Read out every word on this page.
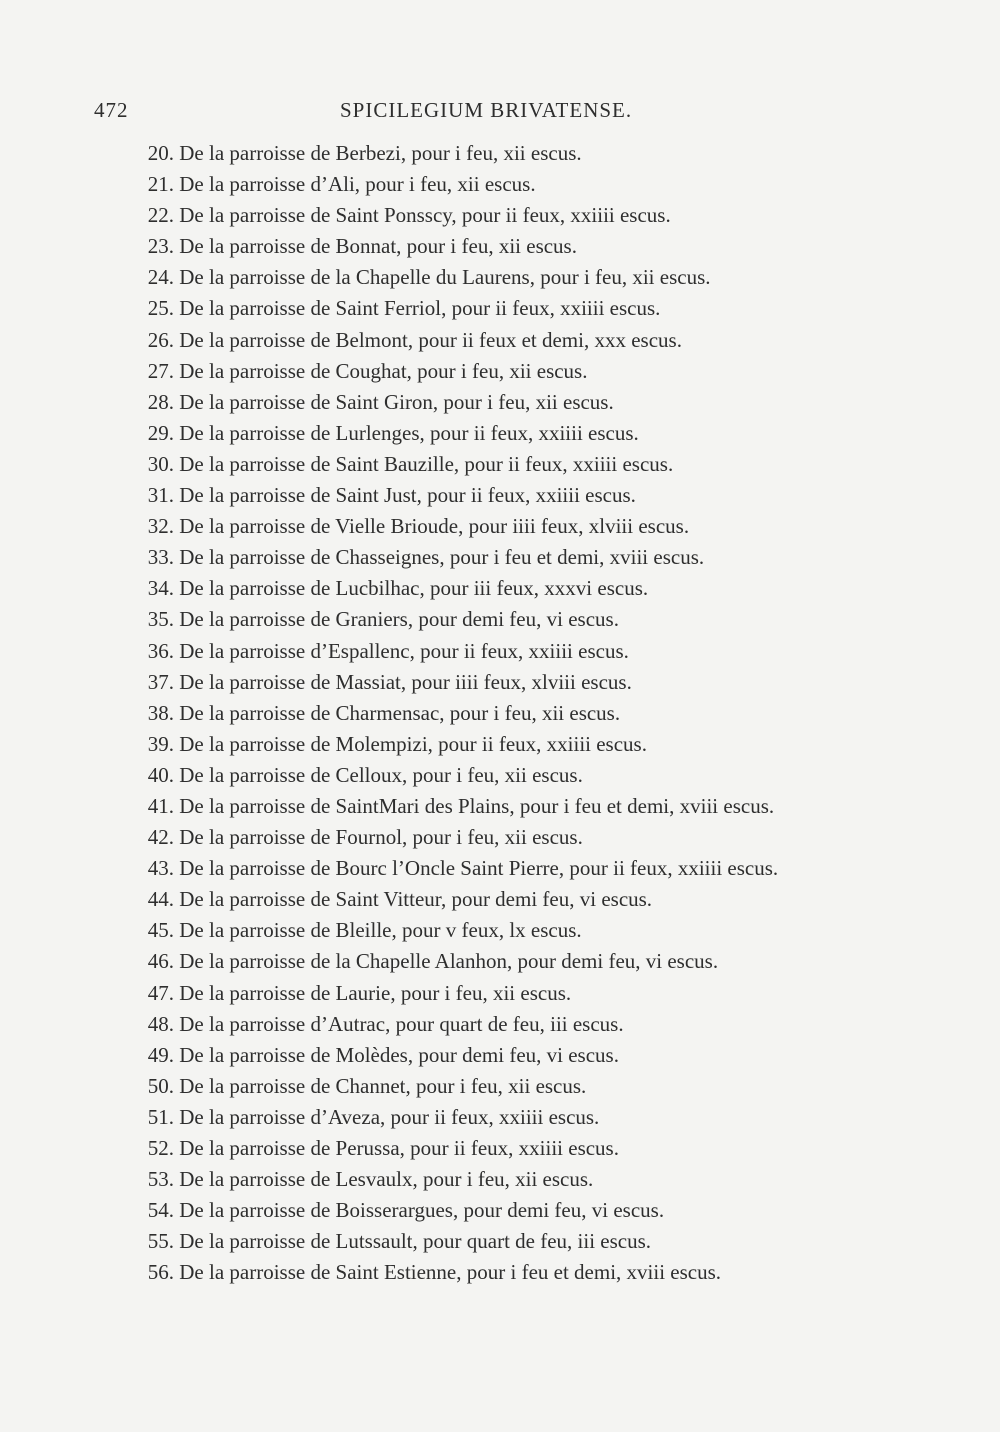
472	SPICILEGIUM BRIVATENSE.
20.
De la parroisse de Berbezi, pour i feu, xii escus.
21.
De la parroisse d’Ali, pour i feu, xii escus.
22.
De la parroisse de Saint Ponsscy, pour ii feux, xxiiii escus.
23.
De la parroisse de Bonnat, pour i feu, xii escus.
24.
De la parroisse de la Chapelle du Laurens, pour i feu, xii escus.
25.
De la parroisse de Saint Ferriol, pour ii feux, xxiiii escus.
26.
De la parroisse de Belmont, pour ii feux et demi, xxx escus.
27.
De la parroisse de Coughat, pour i feu, xii escus.
28.
De la parroisse de Saint Giron, pour i feu, xii escus.
29.
De la parroisse de Lurlenges, pour ii feux, xxiiii escus.
30.
De la parroisse de Saint Bauzille, pour ii feux, xxiiii escus.
31.
De la parroisse de Saint Just, pour ii feux, xxiiii escus.
32.
De la parroisse de Vielle Brioude, pour iiii feux, xlviii escus.
33.
De la parroisse de Chasseignes, pour i feu et demi, xviii escus.
34.
De la parroisse de Lucbilhac, pour iii feux, xxxvi escus.
35.
De la parroisse de Graniers, pour demi feu, vi escus.
36.
De la parroisse d’Espallenc, pour ii feux, xxiiii escus.
37.
De la parroisse de Massiat, pour iiii feux, xlviii escus.
38.
De la parroisse de Charmensac, pour i feu, xii escus.
39.
De la parroisse de Molempizi, pour ii feux, xxiiii escus.
40.
De la parroisse de Celloux, pour i feu, xii escus.
41.
De la parroisse de SaintMari des Plains, pour i feu et demi, xviii escus.
42.
De la parroisse de Fournol, pour i feu, xii escus.
43.
De la parroisse de Bourc l’Oncle Saint Pierre, pour ii feux, xxiiii escus.
44.
De la parroisse de Saint Vitteur, pour demi feu, vi escus.
45.
De la parroisse de Bleille, pour v feux, lx escus.
46.
De la parroisse de la Chapelle Alanhon, pour demi feu, vi escus.
47.
De la parroisse de Laurie, pour i feu, xii escus.
48.
De la parroisse d’Autrac, pour quart de feu, iii escus.
49.
De la parroisse de Molèdes, pour demi feu, vi escus.
50.
De la parroisse de Channet, pour i feu, xii escus.
51.
De la parroisse d’Aveza, pour ii feux, xxiiii escus.
52.
De la parroisse de Perussa, pour ii feux, xxiiii escus.
53.
De la parroisse de Lesvaulx, pour i feu, xii escus.
54.
De la parroisse de Boisserargues, pour demi feu, vi escus.
55.
De la parroisse de Lutssault, pour quart de feu, iii escus.
56.
De la parroisse de Saint Estienne, pour i feu et demi, xviii escus.
